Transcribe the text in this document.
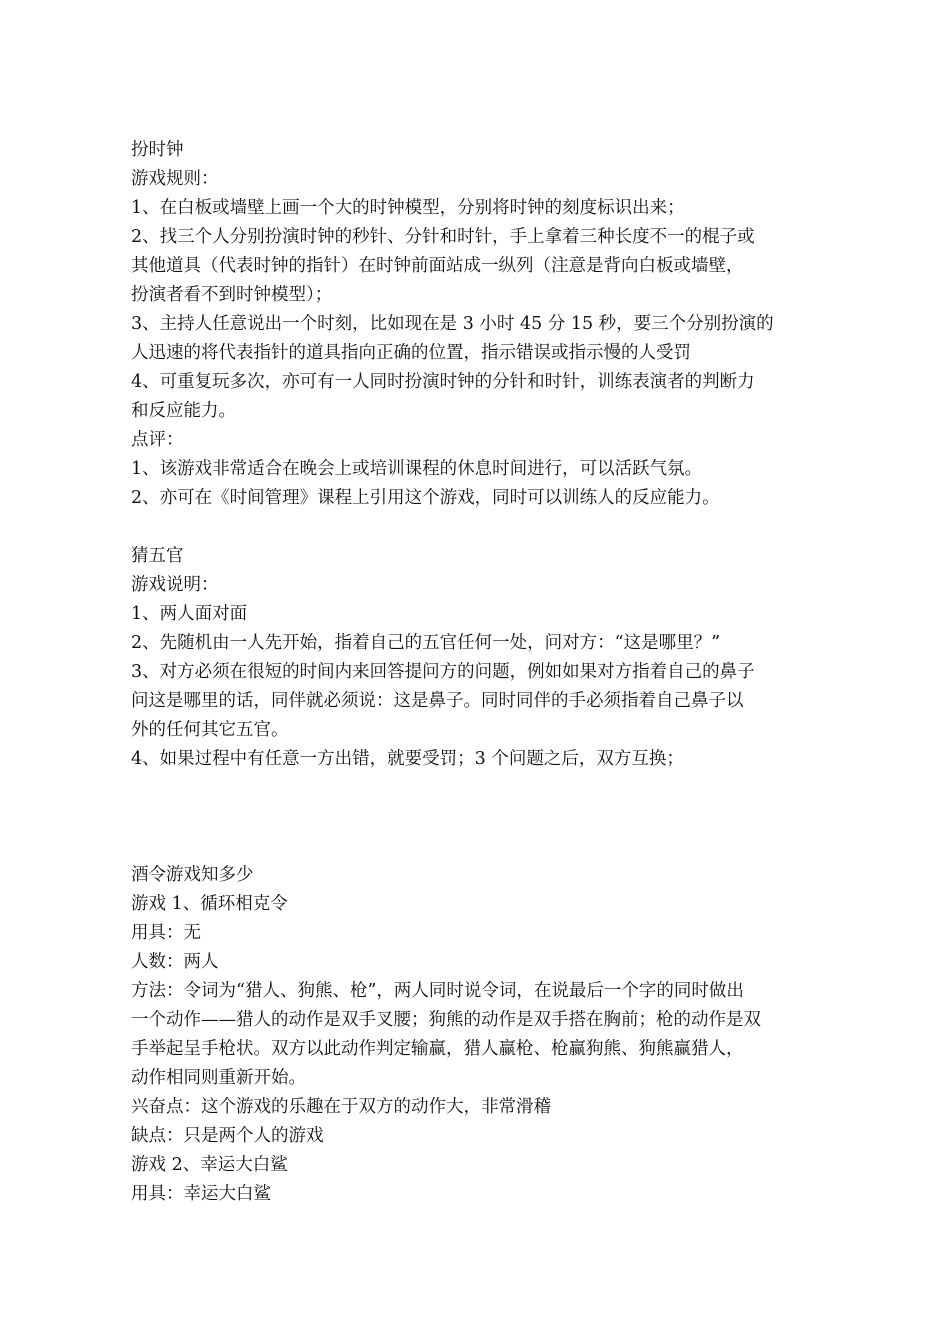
扮时钟
游戏规则：
1、在白板或墙壁上画一个大的时钟模型，分别将时钟的刻度标识出来；
2、找三个人分别扮演时钟的秒针、分针和时针，手上拿着三种长度不一的棍子或
其他道具（代表时钟的指针）在时钟前面站成一纵列（注意是背向白板或墙壁，
扮演者看不到时钟模型）；
3、主持人任意说出一个时刻，比如现在是 3 小时 45 分 15 秒，要三个分别扮演的
人迅速的将代表指针的道具指向正确的位置，指示错误或指示慢的人受罚
4、可重复玩多次，亦可有一人同时扮演时钟的分针和时针，训练表演者的判断力
和反应能力。
点评：
1、该游戏非常适合在晚会上或培训课程的休息时间进行，可以活跃气氛。
2、亦可在《时间管理》课程上引用这个游戏，同时可以训练人的反应能力。
猜五官
游戏说明：
1、两人面对面
2、先随机由一人先开始，指着自己的五官任何一处，问对方：“这是哪里？”
3、对方必须在很短的时间内来回答提问方的问题，例如如果对方指着自己的鼻子
问这是哪里的话，同伴就必须说：这是鼻子。同时同伴的手必须指着自己鼻子以
外的任何其它五官。
4、如果过程中有任意一方出错，就要受罚；3 个问题之后，双方互换；
酒令游戏知多少
游戏 1、循环相克令
用具：无
人数：两人
方法：令词为“猎人、狗熊、枪”，两人同时说令词，在说最后一个字的同时做出
一个动作——猎人的动作是双手叉腰；狗熊的动作是双手搭在胸前；枪的动作是双
手举起呈手枪状。双方以此动作判定输赢，猎人赢枪、枪赢狗熊、狗熊赢猎人，
动作相同则重新开始。
兴奋点：这个游戏的乐趣在于双方的动作大，非常滑稽
缺点：只是两个人的游戏
游戏 2、幸运大白鲨
用具：幸运大白鲨
